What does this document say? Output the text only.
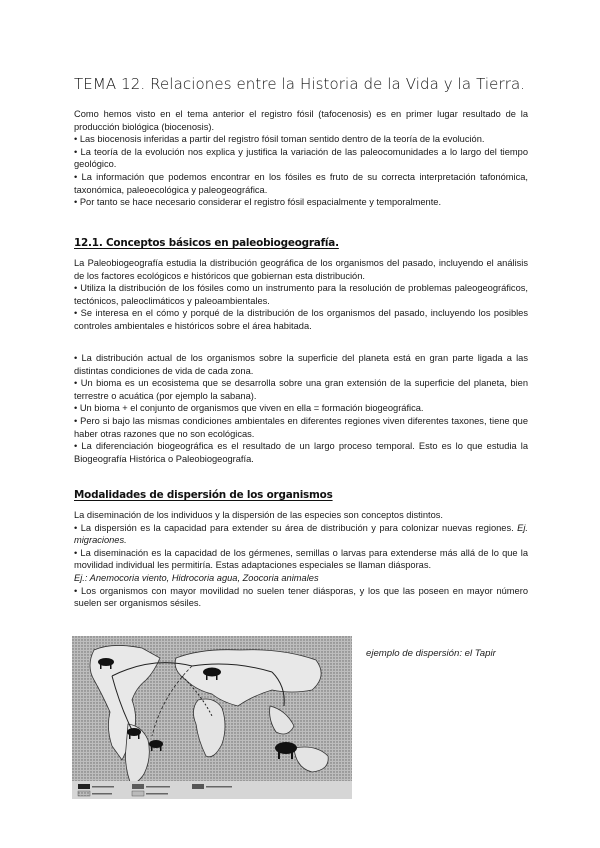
TEMA 12. Relaciones entre la Historia de la Vida y la Tierra.

Como hemos visto en el tema anterior el registro fósil (tafocenosis) es en primer lugar resultado de la producción biológica (biocenosis).

• Las biocenosis inferidas a partir del registro fósil toman sentido dentro de la teoría de la evolución.

• La teoría de la evolución nos explica y justifica la variación de las paleocomunidades a lo largo del tiempo geológico.

• La información que podemos encontrar en los fósiles es fruto de su correcta interpretación tafonómica, taxonómica, paleoecológica y paleogeográfica.

• Por tanto se hace necesario considerar el registro fósil espacialmente y temporalmente.

12.1. Conceptos básicos en paleobiogeografía.

La Paleobiogeografía estudia la distribución geográfica de los organismos del pasado, incluyendo el análisis de los factores ecológicos e históricos que gobiernan esta distribución.

• Utiliza la distribución de los fósiles como un instrumento para la resolución de problemas paleogeográficos, tectónicos, paleoclimáticos y paleoambientales.

• Se interesa en el cómo y porqué de la distribución de los organismos del pasado, incluyendo los posibles controles ambientales e históricos sobre el área habitada.

• La distribución actual de los organismos sobre la superficie del planeta está en gran parte ligada a las distintas condiciones de vida de cada zona.

• Un bioma es un ecosistema que se desarrolla sobre una gran extensión de la superficie del planeta, bien terrestre o acuática (por ejemplo la sabana).

• Un bioma + el conjunto de organismos que viven en ella = formación biogeográfica.

• Pero si bajo las mismas condiciones ambientales en diferentes regiones viven diferentes taxones, tiene que haber otras razones que no son ecológicas.

• La diferenciación biogeográfica es el resultado de un largo proceso temporal. Esto es lo que estudia la Biogeografía Histórica o Paleobiogeografía.

Modalidades de dispersión de los organismos

La diseminación de los individuos y la dispersión de las especies son conceptos distintos.

• La dispersión es la capacidad para extender su área de distribución y para colonizar nuevas regiones. Ej. migraciones.

• La diseminación es la capacidad de los gérmenes, semillas o larvas para extenderse más allá de lo que la movilidad individual les permitiría. Estas adaptaciones especiales se llaman diásporas.

Ej.: Anemocoria viento, Hidrocoria agua, Zoocoria animales

• Los organismos con mayor movilidad no suelen tener diásporas, y los que las poseen en mayor número suelen ser organismos sésiles.

ejemplo de dispersión: el Tapir
